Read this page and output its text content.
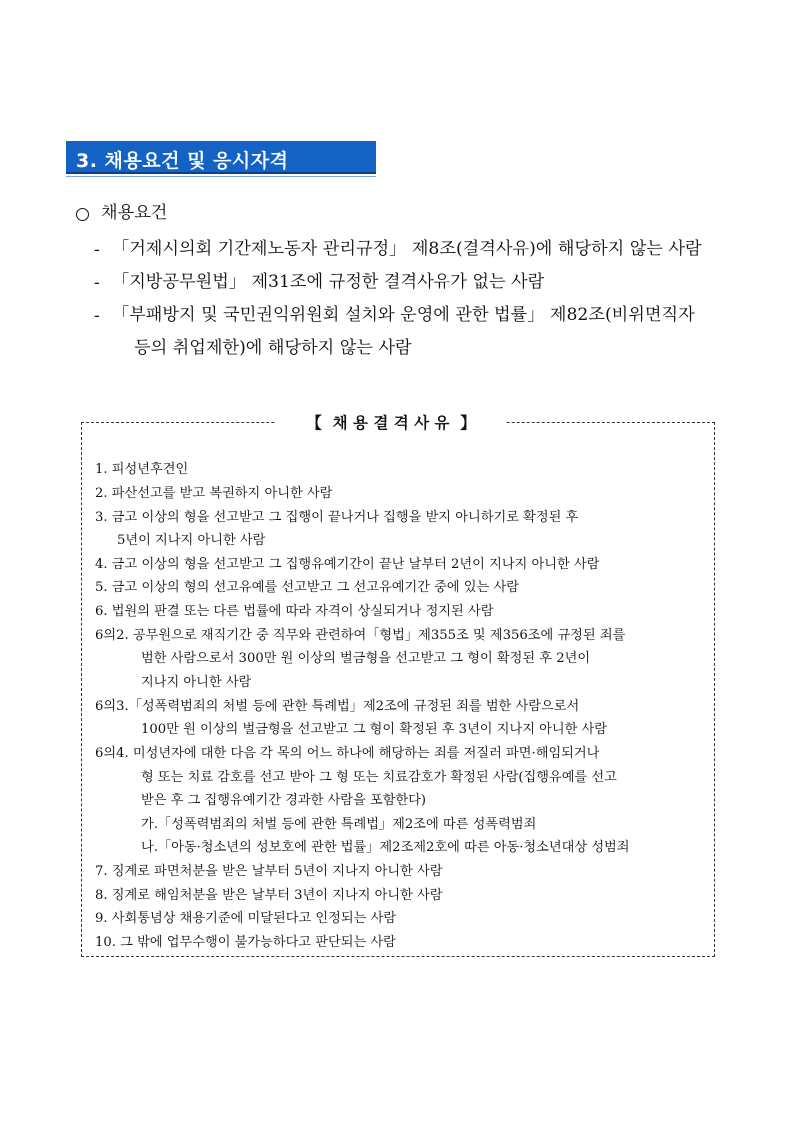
3. 채용요건 및 응시자격
채용요건
- 「거제시의회 기간제노동자 관리규정」 제8조(결격사유)에 해당하지 않는 사람
- 「지방공무원법」 제31조에 규정한 결격사유가 없는 사람
- 「부패방지 및 국민권익위원회 설치와 운영에 관한 법률」 제82조(비위면직자
등의 취업제한)에 해당하지 않는 사람
【  채 용 결 격 사 유  】
1. 피성년후견인
2. 파산선고를 받고 복권하지 아니한 사람
3. 금고 이상의 형을 선고받고 그 집행이 끝나거나 집행을 받지 아니하기로 확정된 후
5년이 지나지 아니한 사람
4. 금고 이상의 형을 선고받고 그 집행유예기간이 끝난 날부터 2년이 지나지 아니한 사람
5. 금고 이상의 형의 선고유예를 선고받고 그 선고유예기간 중에 있는 사람
6. 법원의 판결 또는 다른 법률에 따라 자격이 상실되거나 정지된 사람
6의2. 공무원으로 재직기간 중 직무와 관련하여「형법」제355조 및 제356조에 규정된 죄를
범한 사람으로서 300만 원 이상의 벌금형을 선고받고 그 형이 확정된 후 2년이
지나지 아니한 사람
6의3.「성폭력범죄의 처벌 등에 관한 특례법」제2조에 규정된 죄를 범한 사람으로서
100만 원 이상의 벌금형을 선고받고 그 형이 확정된 후 3년이 지나지 아니한 사람
6의4. 미성년자에 대한 다음 각 목의 어느 하나에 해당하는 죄를 저질러 파면·해임되거나
형 또는 치료 감호를 선고 받아 그 형 또는 치료감호가 확정된 사람(집행유예를 선고
받은 후 그 집행유예기간 경과한 사람을 포함한다)
가.「성폭력범죄의 처벌 등에 관한 특례법」제2조에 따른 성폭력범죄
나.「아동·청소년의 성보호에 관한 법률」제2조제2호에 따른 아동·청소년대상 성범죄
7. 징계로 파면처분을 받은 날부터 5년이 지나지 아니한 사람
8. 징계로 해임처분을 받은 날부터 3년이 지나지 아니한 사람
9. 사회통념상 채용기준에 미달된다고 인정되는 사람
10. 그 밖에 업무수행이 불가능하다고 판단되는 사람
